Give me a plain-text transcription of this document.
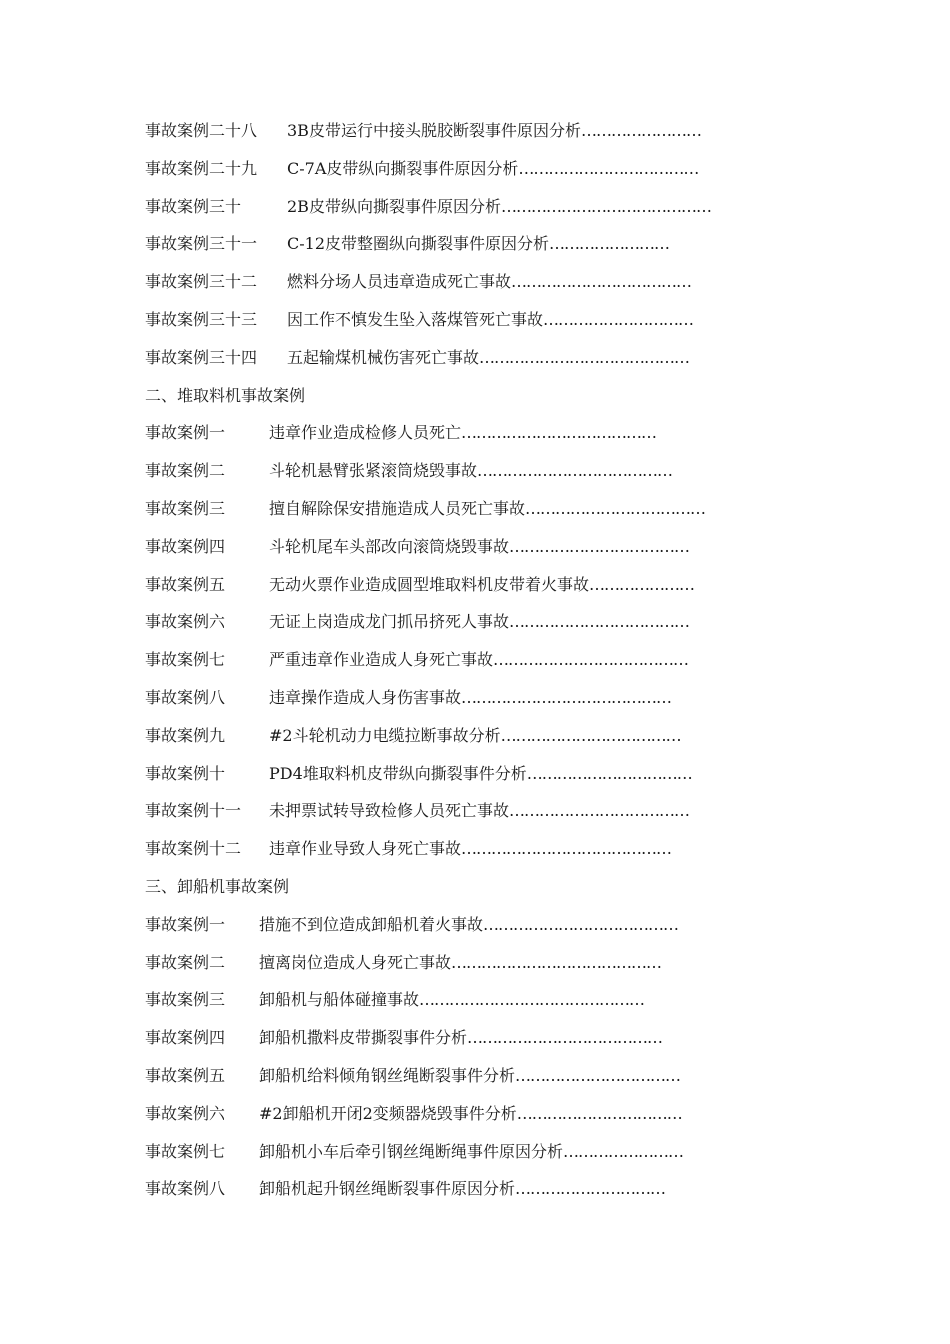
事故案例二十八 3B皮带运行中接头脱胶断裂事件原因分析……………………
事故案例二十九 C-7A皮带纵向撕裂事件原因分析………………………………
事故案例三十	2B皮带纵向撕裂事件原因分析……………………………………
事故案例三十一 C-12皮带整圈纵向撕裂事件原因分析……………………
事故案例三十二 燃料分场人员违章造成死亡事故………………………………
事故案例三十三 因工作不慎发生坠入落煤管死亡事故…………………………
事故案例三十四 五起输煤机械伤害死亡事故……………………………………
二、堆取料机事故案例
事故案例一	违章作业造成检修人员死亡…………………………………
事故案例二	斗轮机悬臂张紧滚筒烧毁事故…………………………………
事故案例三	擅自解除保安措施造成人员死亡事故………………………………
事故案例四	斗轮机尾车头部改向滚筒烧毁事故………………………………
事故案例五	无动火票作业造成圆型堆取料机皮带着火事故…………………
事故案例六	无证上岗造成龙门抓吊挤死人事故………………………………
事故案例七	严重违章作业造成人身死亡事故…………………………………
事故案例八	违章操作造成人身伤害事故……………………………………
事故案例九	#2斗轮机动力电缆拉断事故分析………………………………
事故案例十	PD4堆取料机皮带纵向撕裂事件分析……………………………
事故案例十一 未押票试转导致检修人员死亡事故………………………………
事故案例十二 违章作业导致人身死亡事故……………………………………
三、卸船机事故案例
事故案例一 措施不到位造成卸船机着火事故…………………………………
事故案例二 擅离岗位造成人身死亡事故……………………………………
事故案例三 卸船机与船体碰撞事故………………………………………
事故案例四 卸船机撒料皮带撕裂事件分析…………………………………
事故案例五 卸船机给料倾角钢丝绳断裂事件分析……………………………
事故案例六 #2卸船机开闭2变频器烧毁事件分析……………………………
事故案例七 卸船机小车后牵引钢丝绳断绳事件原因分析……………………
事故案例八 卸船机起升钢丝绳断裂事件原因分析…………………………
